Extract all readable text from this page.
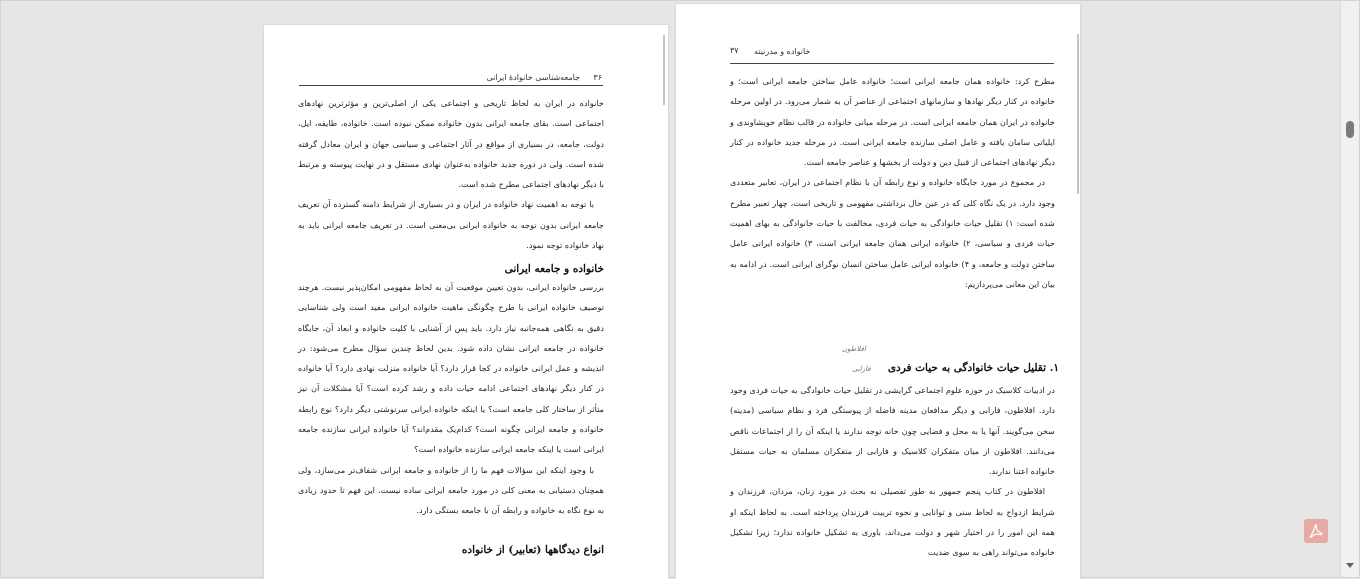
۳۶
جامعه‌شناسی خانوادهٔ ایرانی

خانواده در ایران به لحاظ تاریخی و اجتماعی یکی از اصلی‌ترین و مؤثرترین نهادهای اجتماعی است. بقای جامعه ایرانی بدون خانواده ممکن نبوده است. خانواده، طایفه، ایل، دولت، جامعه، در بسیاری از مواقع در آثار اجتماعی و سیاسی جهان و ایران معادل گرفته شده است. ولی در دوره جدید خانواده به‌عنوان نهادی مستقل و در نهایت پیوسته و مرتبط با دیگر نهادهای اجتماعی مطرح شده است.

با توجه به اهمیت نهاد خانواده در ایران و در بسیاری از شرایط دامنه گسترده آن تعریف جامعه ایرانی بدون توجه به خانواده ایرانی بی‌معنی است. در تعریف جامعه ایرانی باید به نهاد خانواده توجه نمود.

خانواده و جامعه ایرانی

بررسی خانواده ایرانی، بدون تعیین موقعیت آن به لحاظ مفهومی امکان‌پذیر نیست. هرچند توصیف خانواده ایرانی با طرح چگونگی ماهیت خانواده ایرانی مفید است ولی شناسایی دقیق به نگاهی همه‌جانبه نیاز دارد. باید پس از آشنایی با کلیت خانواده و ابعاد آن، جایگاه خانواده در جامعه ایرانی نشان داده شود. بدین لحاظ چندین سؤال مطرح می‌شود: در اندیشه و عمل ایرانی خانواده در کجا قرار دارد؟ آیا خانواده منزلت نهادی دارد؟ آیا خانواده در کنار دیگر نهادهای اجتماعی ادامه حیات داده و رشد کرده است؟ آیا مشکلات آن نیز متأثر از ساختار کلی جامعه است؟ یا اینکه خانواده ایرانی سرنوشتی دیگر دارد؟ نوع رابطه خانواده و جامعه ایرانی چگونه است؟ کدام‌یک مقدم‌اند؟ آیا خانواده ایرانی سازنده جامعه ایرانی است یا اینکه جامعه ایرانی سازنده خانواده است؟

با وجود اینکه این سؤالات فهم ما را از خانواده و جامعه ایرانی شفاف‌تر می‌سازد، ولی همچنان دستیابی به معنی کلی در مورد جامعه ایرانی ساده نیست. این فهم تا حدود زیادی به نوع نگاه به خانواده و رابطه آن با جامعه بستگی دارد.

انواع دیدگاهها (تعابیر) از خانواده
۳۷ خانواده و مدرنیته

مطرح کرد: خانواده همان جامعه ایرانی است؛ خانواده عامل ساختن جامعه ایرانی است؛ و خانواده در کنار دیگر نهادها و سازمانهای اجتماعی از عناصر آن به شمار می‌رود. در اولین مرحله خانواده در ایران همان جامعه ایرانی است. در مرحله میانی خانواده در قالب نظام خویشاوندی و ایلیاتی سامان یافته و عامل اصلی سازنده جامعه ایرانی است. در مرحله جدید خانواده در کنار دیگر نهادهای اجتماعی از قبیل دین و دولت از بخشها و عناصر جامعه است.

در مجموع در مورد جایگاه خانواده و نوع رابطه آن با نظام اجتماعی در ایران، تعابیر متعددی وجود دارد. در یک نگاه کلی که در عین حال برداشتی مفهومی و تاریخی است، چهار تعبیر مطرح شده است: ۱) تقلیل حیات خانوادگی به حیات فردی، مخالفت با حیات خانوادگی به بهای اهمیت حیات فردی و سیاسی، ۲) خانواده ایرانی همان جامعه ایرانی است، ۳) خانواده ایرانی عامل ساختن دولت و جامعه، و ۴) خانواده ایرانی عامل ساختن انسان نوگرای ایرانی است. در ادامه به بیان این معانی می‌پردازیم:

افلاطون
فارابی ۱. تقلیل حیات خانوادگی به حیات فردی

در ادبیات کلاسیک در حوزه علوم اجتماعی گرایشی در تقلیل حیات خانوادگی به حیات فردی وجود دارد. افلاطون، فارابی و دیگر مدافعان مدینه فاضله از پیوستگی فرد و نظام سیاسی (مدینه) سخن می‌گویند. آنها یا به محل و فضایی چون خانه توجه ندارند یا اینکه آن را از اجتماعات ناقص می‌دانند. افلاطون از میان متفکران کلاسیک و فارابی از متفکران مسلمان به حیات مستقل خانواده اعتنا ندارند.

افلاطون در کتاب پنجم جمهور به طور تفصیلی به بحث در مورد زنان، مردان، فرزندان و شرایط ازدواج به لحاظ سنی و توانایی و نحوه تربیت فرزندان پرداخته است. به لحاظ اینکه او همه این امور را در اختیار شهر و دولت می‌داند، باوری به تشکیل خانواده ندارد؛ زیرا تشکیل خانواده می‌تواند راهی به سوی ضدیت
